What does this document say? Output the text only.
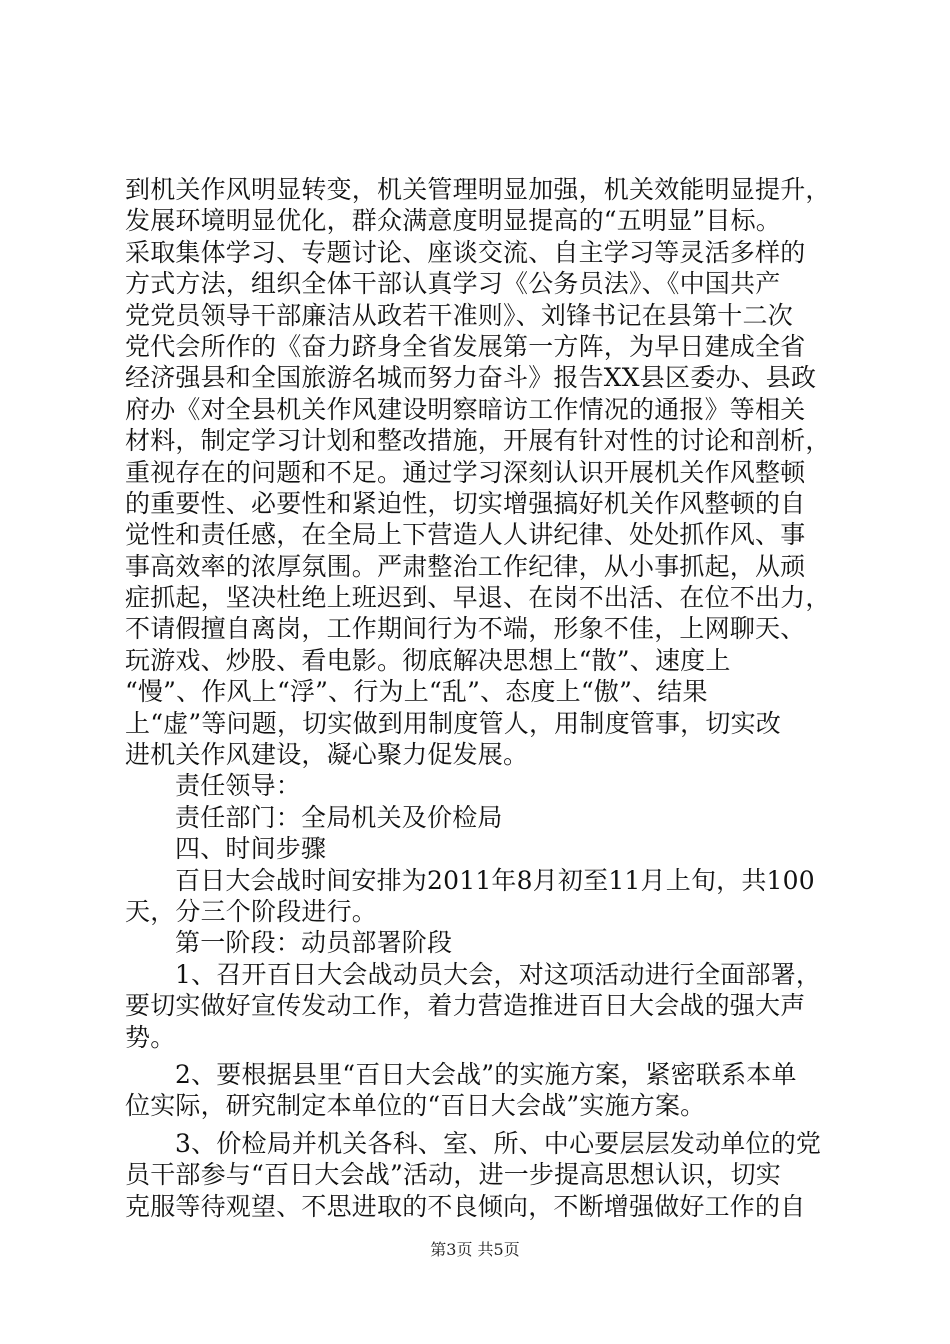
到机关作风明显转变，机关管理明显加强，机关效能明显提升，
发展环境明显优化，群众满意度明显提高的“五明显”目标。
采取集体学习、专题讨论、座谈交流、自主学习等灵活多样的
方式方法，组织全体干部认真学习《公务员法》、《中国共产
党党员领导干部廉洁从政若干准则》、刘锋书记在县第十二次
党代会所作的《奋力跻身全省发展第一方阵，为早日建成全省
经济强县和全国旅游名城而努力奋斗》报告XX县区委办、县政
府办《对全县机关作风建设明察暗访工作情况的通报》等相关
材料，制定学习计划和整改措施，开展有针对性的讨论和剖析，
重视存在的问题和不足。通过学习深刻认识开展机关作风整顿
的重要性、必要性和紧迫性，切实增强搞好机关作风整顿的自
觉性和责任感，在全局上下营造人人讲纪律、处处抓作风、事
事高效率的浓厚氛围。严肃整治工作纪律，从小事抓起，从顽
症抓起，坚决杜绝上班迟到、早退、在岗不出活、在位不出力，
不请假擅自离岗，工作期间行为不端，形象不佳，上网聊天、
玩游戏、炒股、看电影。彻底解决思想上“散”、速度上
“慢”、作风上“浮”、行为上“乱”、态度上“傲”、结果
上“虚”等问题，切实做到用制度管人，用制度管事，切实改
进机关作风建设，凝心聚力促发展。
责任领导：
责任部门：全局机关及价检局
四、时间步骤
百日大会战时间安排为2011年8月初至11月上旬，共100
天，分三个阶段进行。
第一阶段：动员部署阶段
1、召开百日大会战动员大会，对这项活动进行全面部署，
要切实做好宣传发动工作，着力营造推进百日大会战的强大声
势。
2、要根据县里“百日大会战”的实施方案，紧密联系本单
位实际，研究制定本单位的“百日大会战”实施方案。
3、价检局并机关各科、室、所、中心要层层发动单位的党
员干部参与“百日大会战”活动，进一步提高思想认识，切实
克服等待观望、不思进取的不良倾向，不断增强做好工作的自
第3页 共5页
